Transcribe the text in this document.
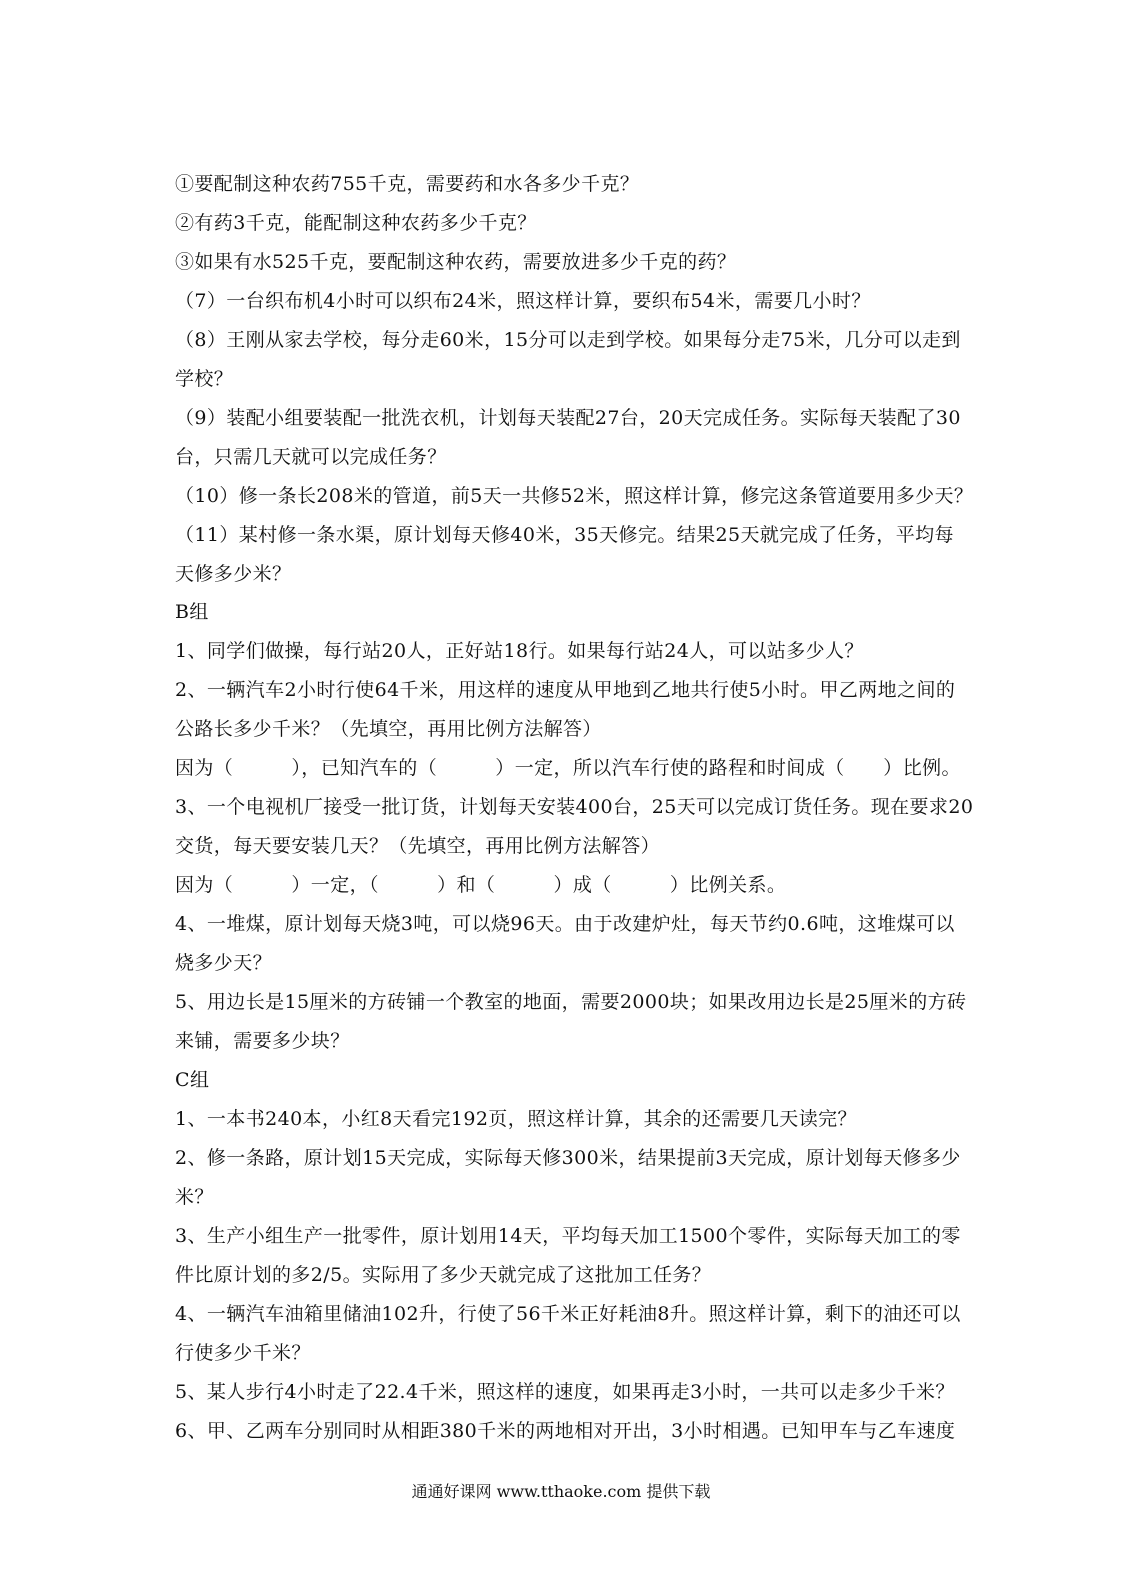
①要配制这种农药755千克，需要药和水各多少千克？
②有药3千克，能配制这种农药多少千克？
③如果有水525千克，要配制这种农药，需要放进多少千克的药？
（7）一台织布机4小时可以织布24米，照这样计算，要织布54米，需要几小时？
（8）王刚从家去学校，每分走60米，15分可以走到学校。如果每分走75米，几分可以走到
学校？
（9）装配小组要装配一批洗衣机，计划每天装配27台，20天完成任务。实际每天装配了30
台，只需几天就可以完成任务？
（10）修一条长208米的管道，前5天一共修52米，照这样计算，修完这条管道要用多少天？
（11）某村修一条水渠，原计划每天修40米，35天修完。结果25天就完成了任务，平均每
天修多少米？
B组
1、同学们做操，每行站20人，正好站18行。如果每行站24人，可以站多少人？
2、一辆汽车2小时行使64千米，用这样的速度从甲地到乙地共行使5小时。甲乙两地之间的
公路长多少千米？（先填空，再用比例方法解答）
因为（　　　），已知汽车的（　　　）一定，所以汽车行使的路程和时间成（　　）比例。
3、一个电视机厂接受一批订货，计划每天安装400台，25天可以完成订货任务。现在要求20
交货，每天要安装几天？（先填空，再用比例方法解答）
因为（　　　）一定，（　　　）和（　　　）成（　　　）比例关系。
4、一堆煤，原计划每天烧3吨，可以烧96天。由于改建炉灶，每天节约0.6吨，这堆煤可以
烧多少天？
5、用边长是15厘米的方砖铺一个教室的地面，需要2000块；如果改用边长是25厘米的方砖
来铺，需要多少块？
C组
1、一本书240本，小红8天看完192页，照这样计算，其余的还需要几天读完？
2、修一条路，原计划15天完成，实际每天修300米，结果提前3天完成，原计划每天修多少
米？
3、生产小组生产一批零件，原计划用14天，平均每天加工1500个零件，实际每天加工的零
件比原计划的多2/5。实际用了多少天就完成了这批加工任务？
4、一辆汽车油箱里储油102升，行使了56千米正好耗油8升。照这样计算，剩下的油还可以
行使多少千米？
5、某人步行4小时走了22.4千米，照这样的速度，如果再走3小时，一共可以走多少千米？
6、甲、乙两车分别同时从相距380千米的两地相对开出，3小时相遇。已知甲车与乙车速度
通通好课网 www.tthaoke.com 提供下载
